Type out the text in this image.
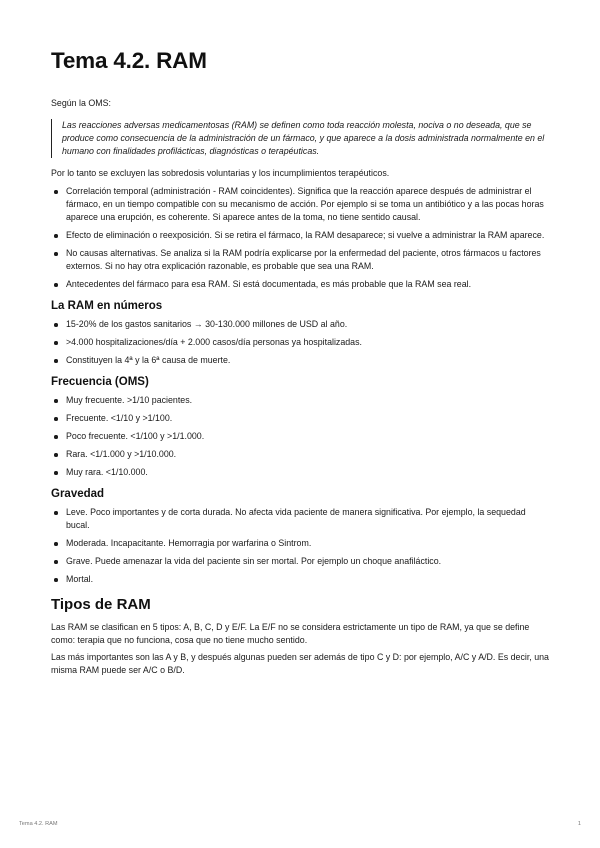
Tema 4.2. RAM

Según la OMS:

Las reacciones adversas medicamentosas (RAM) se definen como toda reacción molesta, nociva o no deseada, que se produce como consecuencia de la administración de un fármaco, y que aparece a la dosis administrada normalmente en el humano con finalidades profilácticas, diagnósticas o terapéuticas.

Por lo tanto se excluyen las sobredosis voluntarias y los incumplimientos terapéuticos.

Correlación temporal (administración - RAM coincidentes). Significa que la reacción aparece después de administrar el fármaco, en un tiempo compatible con su mecanismo de acción. Por ejemplo si se toma un antibiótico y a las pocas horas aparece una erupción, es coherente. Si aparece antes de la toma, no tiene sentido causal.
Efecto de eliminación o reexposición. Si se retira el fármaco, la RAM desaparece; si vuelve a administrar la RAM aparece.
No causas alternativas. Se analiza si la RAM podría explicarse por la enfermedad del paciente, otros fármacos u factores externos. Si no hay otra explicación razonable, es probable que sea una RAM.
Antecedentes del fármaco para esa RAM. Si está documentada, es más probable que la RAM sea real.
La RAM en números
15-20% de los gastos sanitarios → 30-130.000 millones de USD al año.
>4.000 hospitalizaciones/día + 2.000 casos/día personas ya hospitalizadas.
Constituyen la 4ª y la 6ª causa de muerte.
Frecuencia (OMS)
Muy frecuente. >1/10 pacientes.
Frecuente. <1/10 y >1/100.
Poco frecuente. <1/100 y >1/1.000.
Rara. <1/1.000 y >1/10.000.
Muy rara. <1/10.000.
Gravedad
Leve. Poco importantes y de corta durada. No afecta vida paciente de manera significativa. Por ejemplo, la sequedad bucal.
Moderada. Incapacitante. Hemorragia por warfarina o Sintrom.
Grave. Puede amenazar la vida del paciente sin ser mortal. Por ejemplo un choque anafiláctico.
Mortal.
Tipos de RAM

Las RAM se clasifican en 5 tipos: A, B, C, D y E/F. La E/F no se considera estrictamente un tipo de RAM, ya que se define como: terapia que no funciona, cosa que no tiene mucho sentido.

Las más importantes son las A y B, y después algunas pueden ser además de tipo C y D: por ejemplo, A/C y A/D. Es decir, una misma RAM puede ser A/C o B/D.

Tema 4.2. RAM	1
